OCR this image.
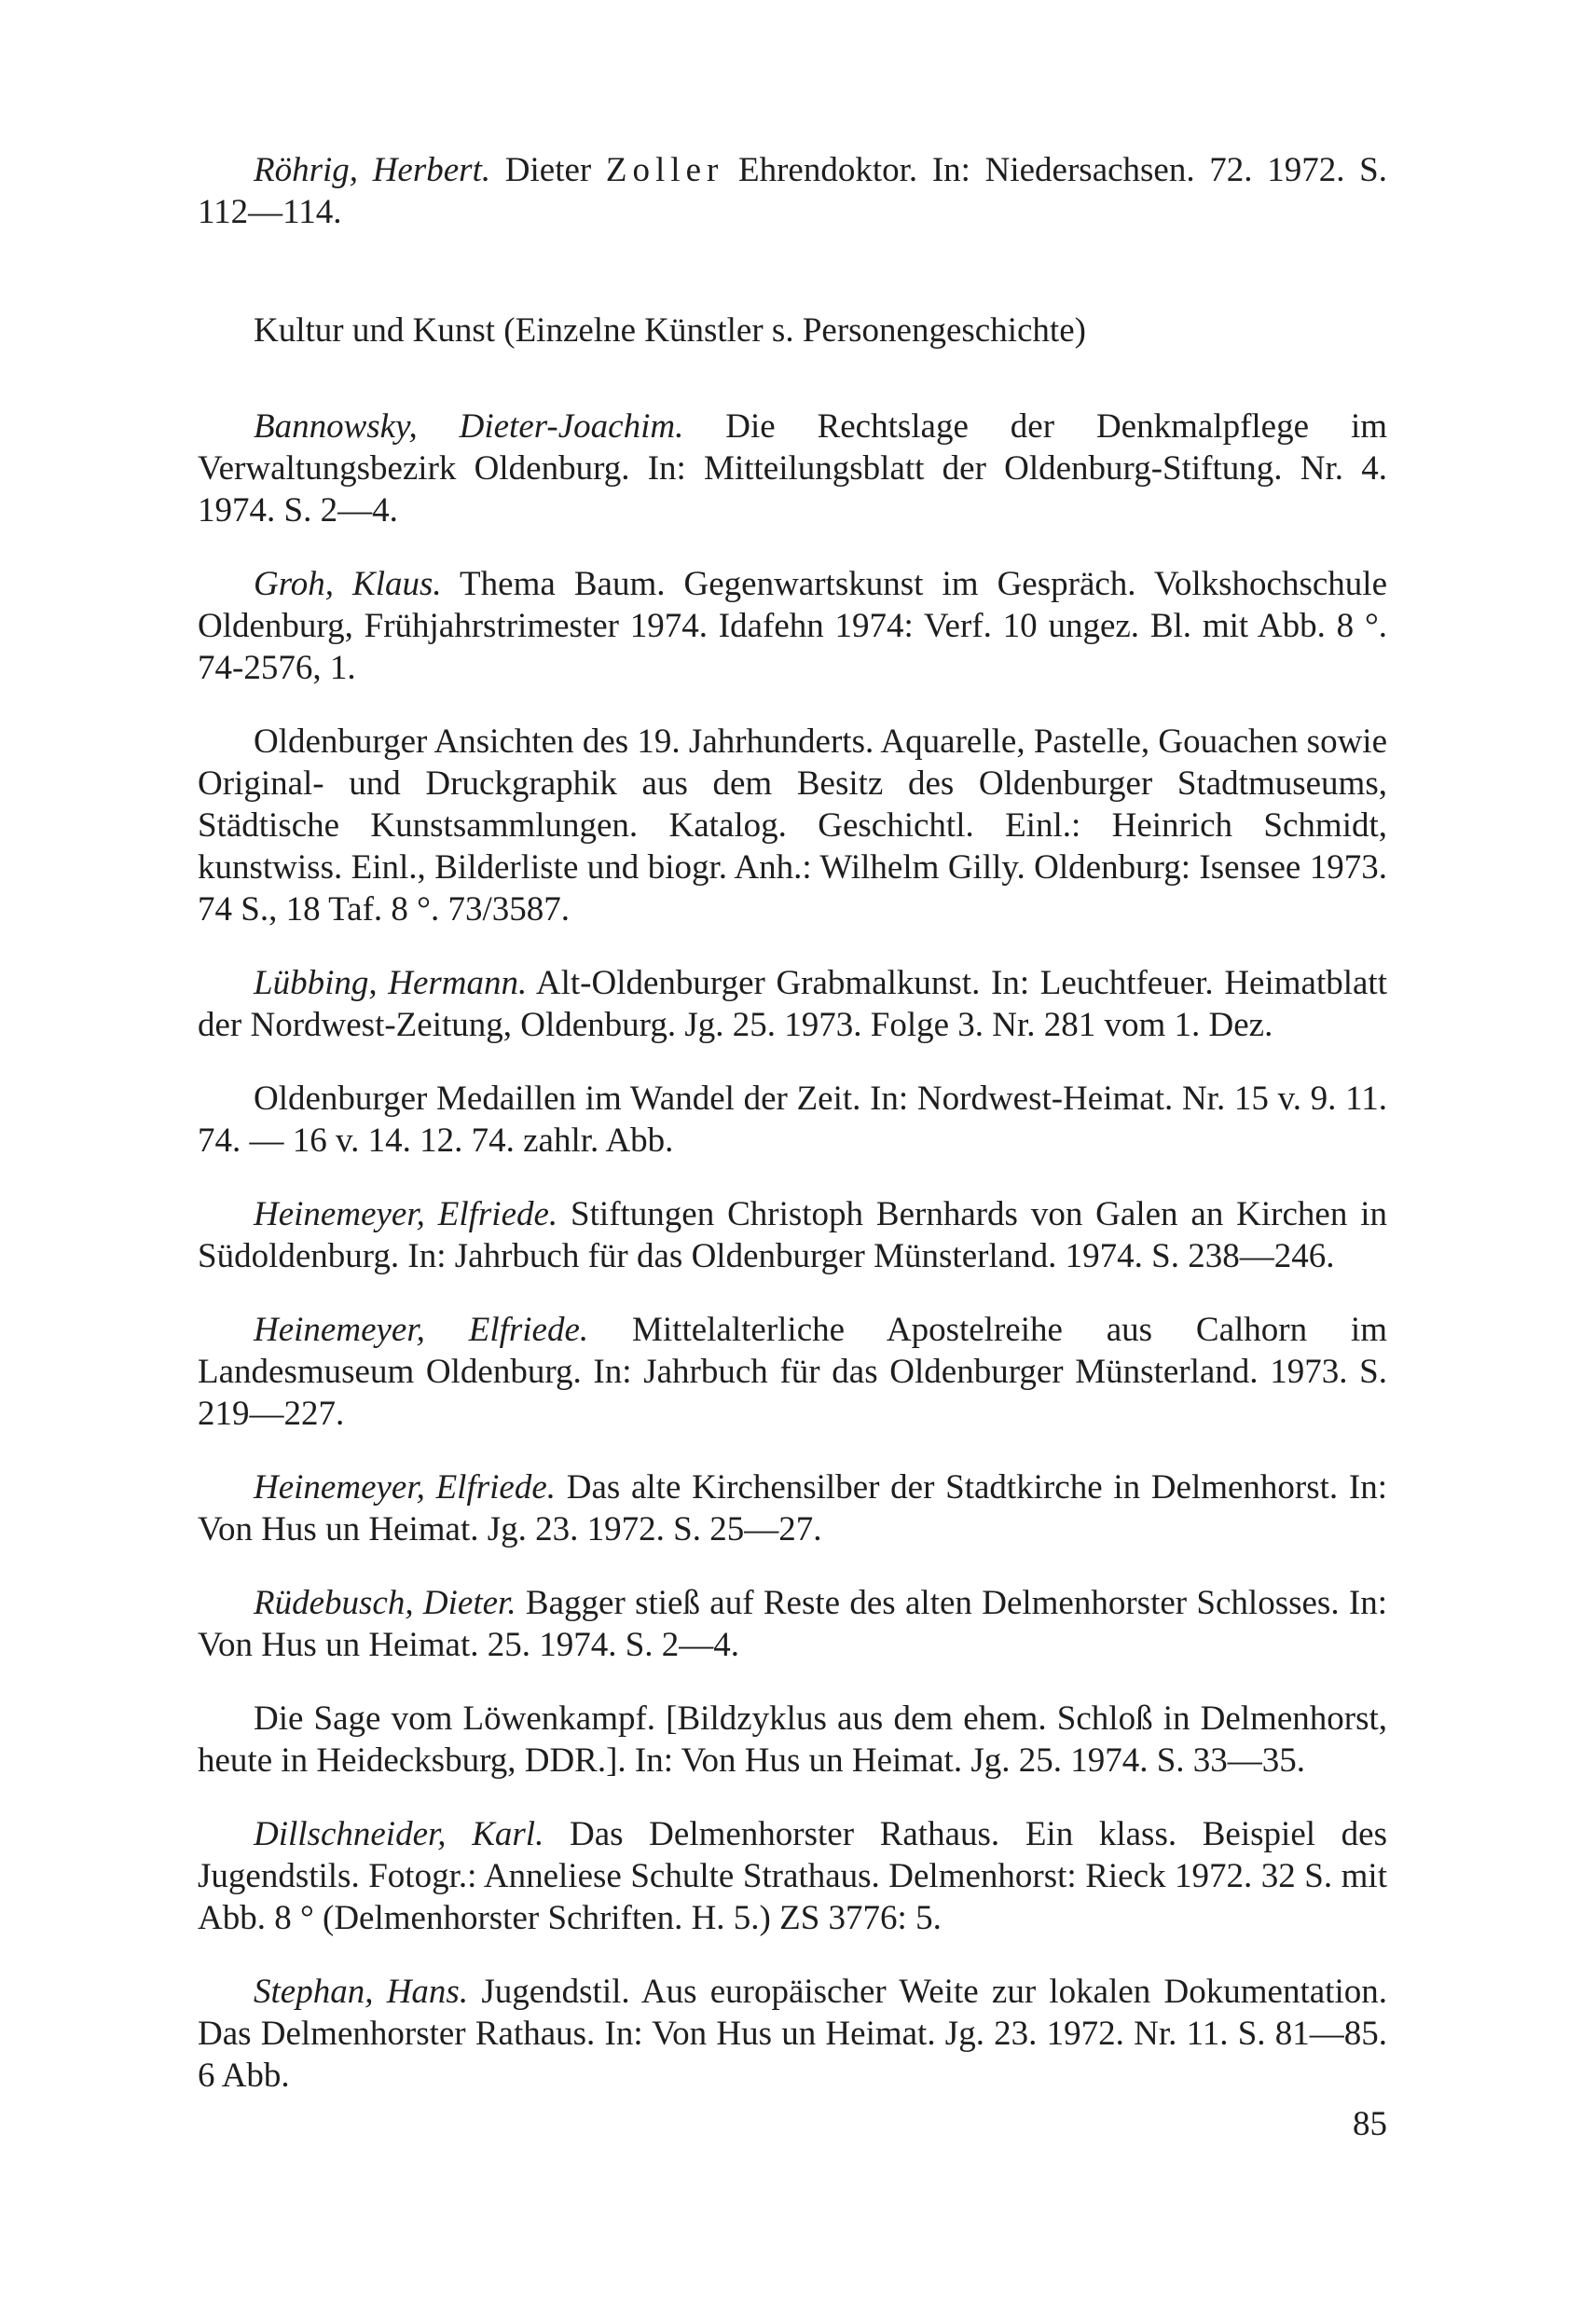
Röhrig, Herbert. Dieter Zoller Ehrendoktor. In: Niedersachsen. 72. 1972. S. 112—114.

Kultur und Kunst (Einzelne Künstler s. Personengeschichte)

Bannowsky, Dieter-Joachim. Die Rechtslage der Denkmalpflege im Verwaltungsbezirk Oldenburg. In: Mitteilungsblatt der Oldenburg-Stiftung. Nr. 4. 1974. S. 2—4.

Groh, Klaus. Thema Baum. Gegenwartskunst im Gespräch. Volkshochschule Oldenburg, Frühjahrstrimester 1974. Idafehn 1974: Verf. 10 ungez. Bl. mit Abb. 8 °. 74-2576, 1.

Oldenburger Ansichten des 19. Jahrhunderts. Aquarelle, Pastelle, Gouachen sowie Original- und Druckgraphik aus dem Besitz des Oldenburger Stadtmuseums, Städtische Kunstsammlungen. Katalog. Geschichtl. Einl.: Heinrich Schmidt, kunstwiss. Einl., Bilderliste und biogr. Anh.: Wilhelm Gilly. Oldenburg: Isensee 1973. 74 S., 18 Taf. 8 °. 73/3587.

Lübbing, Hermann. Alt-Oldenburger Grabmalkunst. In: Leuchtfeuer. Heimatblatt der Nordwest-Zeitung, Oldenburg. Jg. 25. 1973. Folge 3. Nr. 281 vom 1. Dez.

Oldenburger Medaillen im Wandel der Zeit. In: Nordwest-Heimat. Nr. 15 v. 9. 11. 74. — 16 v. 14. 12. 74. zahlr. Abb.

Heinemeyer, Elfriede. Stiftungen Christoph Bernhards von Galen an Kirchen in Südoldenburg. In: Jahrbuch für das Oldenburger Münsterland. 1974. S. 238—246.

Heinemeyer, Elfriede. Mittelalterliche Apostelreihe aus Calhorn im Landesmuseum Oldenburg. In: Jahrbuch für das Oldenburger Münsterland. 1973. S. 219—227.

Heinemeyer, Elfriede. Das alte Kirchensilber der Stadtkirche in Delmenhorst. In: Von Hus un Heimat. Jg. 23. 1972. S. 25—27.

Rüdebusch, Dieter. Bagger stieß auf Reste des alten Delmenhorster Schlosses. In: Von Hus un Heimat. 25. 1974. S. 2—4.

Die Sage vom Löwenkampf. [Bildzyklus aus dem ehem. Schloß in Delmenhorst, heute in Heidecksburg, DDR.]. In: Von Hus un Heimat. Jg. 25. 1974. S. 33—35.

Dillschneider, Karl. Das Delmenhorster Rathaus. Ein klass. Beispiel des Jugendstils. Fotogr.: Anneliese Schulte Strathaus. Delmenhorst: Rieck 1972. 32 S. mit Abb. 8 ° (Delmenhorster Schriften. H. 5.) ZS 3776: 5.

Stephan, Hans. Jugendstil. Aus europäischer Weite zur lokalen Dokumentation. Das Delmenhorster Rathaus. In: Von Hus un Heimat. Jg. 23. 1972. Nr. 11. S. 81—85. 6 Abb.

85
